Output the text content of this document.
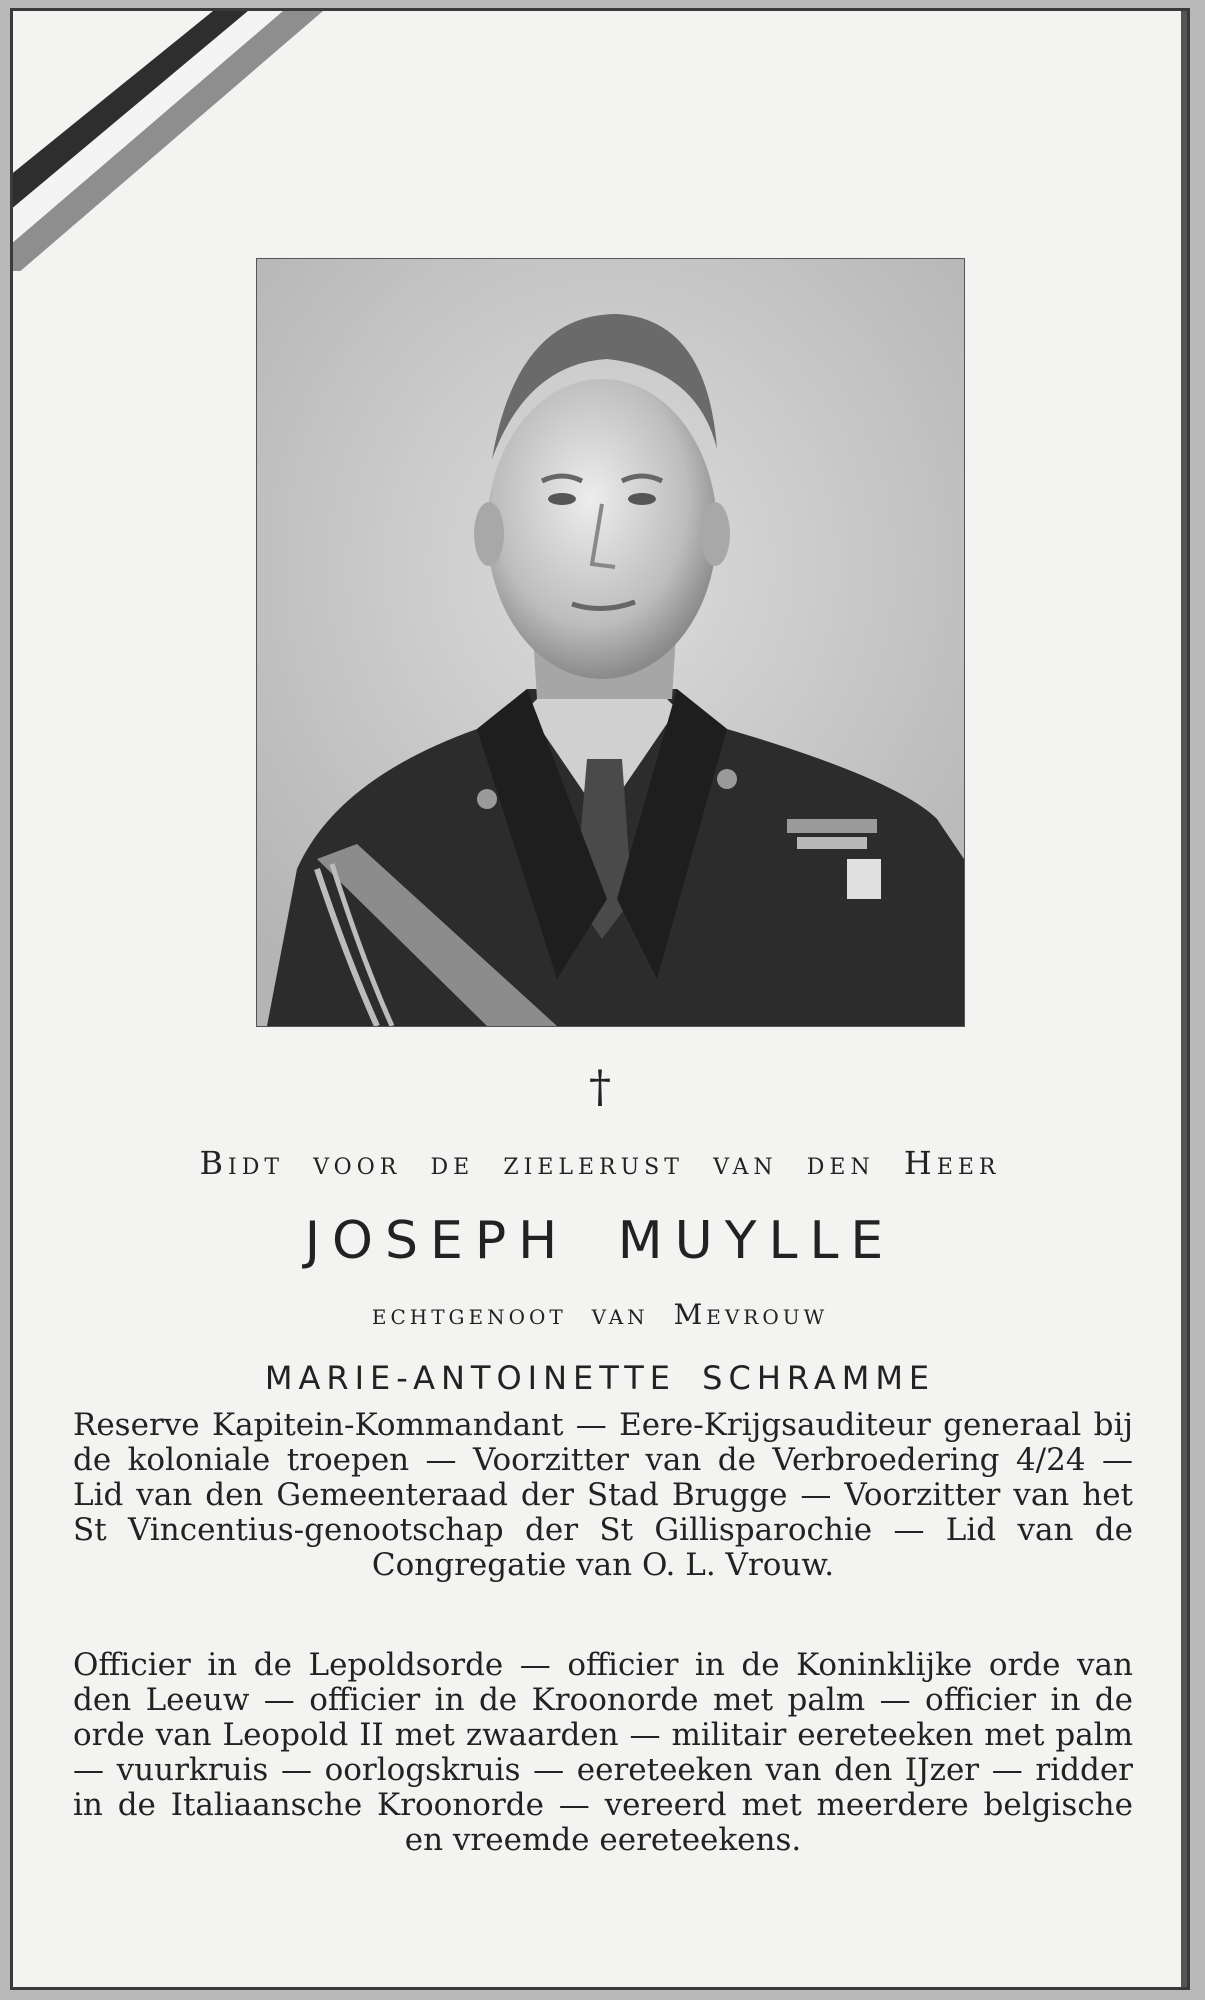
†
Bidt voor de zielerust van den Heer
JOSEPH MUYLLE
echtgenoot van Mevrouw
MARIE-ANTOINETTE SCHRAMME
Reserve Kapitein-Kommandant — Eere-Krijgsauditeur generaal bij de koloniale troepen — Voorzitter van de Verbroedering 4/24 — Lid van den Gemeenteraad der Stad Brugge — Voorzitter van het St Vincentius-genootschap der St Gillisparochie — Lid van de Congregatie van O. L. Vrouw.
Officier in de Lepoldsorde — officier in de Koninklijke orde van den Leeuw — officier in de Kroonorde met palm — officier in de orde van Leopold II met zwaarden — militair eereteeken met palm — vuurkruis — oorlogskruis — eereteeken van den IJzer — ridder in de Italiaansche Kroonorde — vereerd met meerdere belgische en vreemde eereteekens.
